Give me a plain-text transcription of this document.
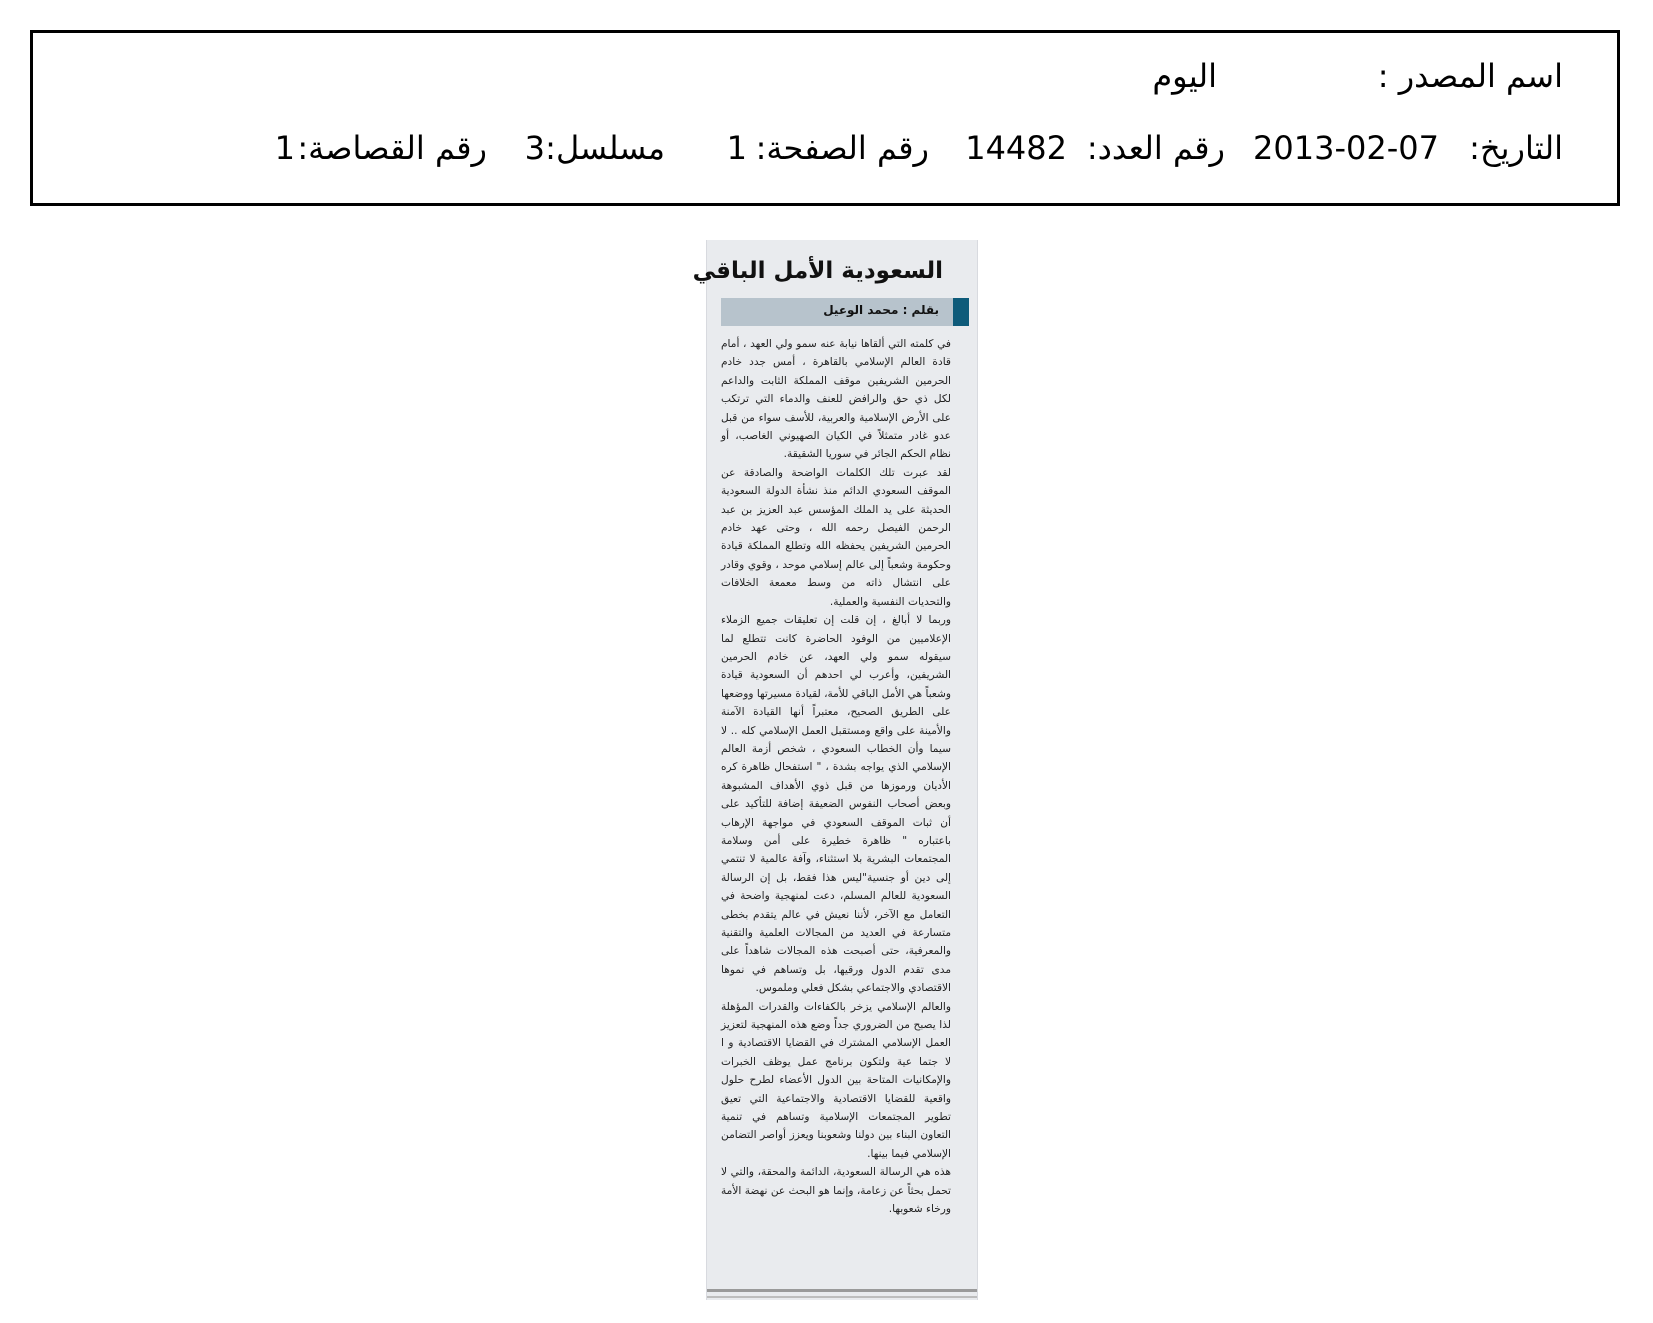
اسم المصدر :
اليوم
التاريخ:
2013-02-07
رقم العدد:
14482
رقم الصفحة:
1
مسلسل:
3
رقم القصاصة:
1
السعودية الأمل الباقي
بقلم : محمد الوعيل

في كلمته التي ألقاها نيابة عنه سمو ولي العهد ، أمام قادة العالم الإسلامي بالقاهرة ، أمس جدد خادم الحرمين الشريفين موقف المملكة الثابت والداعم لكل ذي حق والرافض للعنف والدماء التي ترتكب على الأرض الإسلامية والعربية، للأسف سواء من قبل عدو غادر متمثلاً في الكيان الصهيوني الغاصب، أو نظام الحكم الجائر في سوريا الشقيقة.

لقد عبرت تلك الكلمات الواضحة والصادقة عن الموقف السعودي الدائم منذ نشأة الدولة السعودية الحديثة على يد الملك المؤسس عبد العزيز بن عبد الرحمن الفيصل رحمه الله ، وحتى عهد خادم الحرمين الشريفين يحفظه الله وتطلع المملكة قيادة وحكومة وشعباً إلى عالم إسلامي موحد ، وقوي وقادر على انتشال ذاته من وسط معمعة الخلافات والتحديات النفسية والعملية.

وربما لا أبالغ ، إن قلت إن تعليقات جميع الزملاء الإعلاميين من الوفود الحاضرة كانت تتطلع لما سيقوله سمو ولي العهد، عن خادم الحرمين الشريفين، وأعرب لي احدهم أن السعودية قيادة وشعباً هي الأمل الباقي للأمة، لقيادة مسيرتها ووضعها على الطريق الصحيح، معتبراً أنها القيادة الآمنة والأمينة على واقع ومستقبل العمل الإسلامي كله .. لا سيما وأن الخطاب السعودي ، شخص أزمة العالم الإسلامي الذي يواجه بشدة ، " استفحال ظاهرة كره الأديان ورموزها من قبل ذوي الأهداف المشبوهة وبعض أصحاب النفوس الضعيفة إضافة للتأكيد على أن ثبات الموقف السعودي في مواجهة الإرهاب باعتباره " ظاهرة خطيرة على أمن وسلامة المجتمعات البشرية بلا استثناء، وآفة عالمية لا تنتمي إلى دين أو جنسية"ليس هذا فقط، بل إن الرسالة السعودية للعالم المسلم، دعت لمنهجية واضحة في التعامل مع الآخر، لأننا نعيش في عالم يتقدم بخطى متسارعة في العديد من المجالات العلمية والتقنية والمعرفية، حتى أصبحت هذه المجالات شاهداً على مدى تقدم الدول ورقيها، بل وتساهم في نموها الاقتصادي والاجتماعي بشكل فعلي وملموس.

والعالم الإسلامي يزخر بالكفاءات والقدرات المؤهلة لذا يصبح من الضروري جداً وضع هذه المنهجية لتعزيز العمل الإسلامي المشترك في القضايا الاقتصادية و ا لا جتما عية ولتكون برنامج عمل يوظف الخبرات والإمكانيات المتاحة بين الدول الأعضاء لطرح حلول واقعية للقضايا الاقتصادية والاجتماعية التي تعيق تطوير المجتمعات الإسلامية وتساهم في تنمية التعاون البناء بين دولنا وشعوبنا ويعزز أواصر التضامن الإسلامي فيما بينها.

هذه هي الرسالة السعودية، الدائمة والمحقة، والتي لا تحمل بحثاً عن زعامة، وإنما هو البحث عن نهضة الأمة ورخاء شعوبها.
